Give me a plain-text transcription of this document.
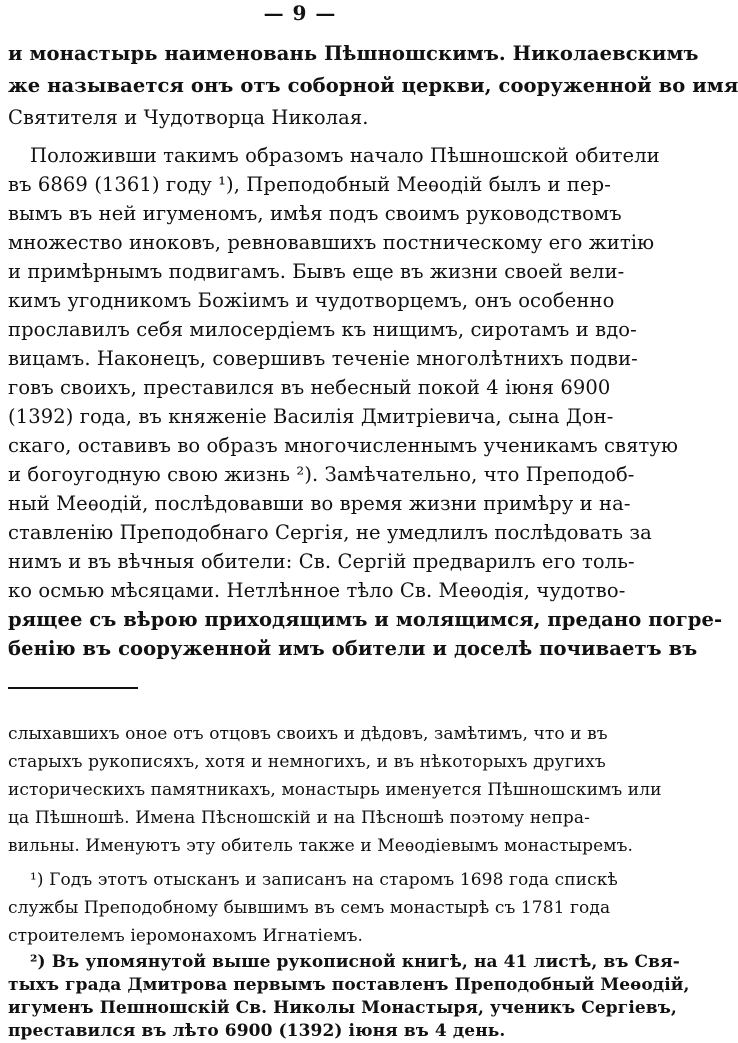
— 9 —
и монастырь наименовань Пѣшношскимъ. Николаевскимъ
же называется онъ отъ соборной церкви, сооруженной во имя
Святителя и Чудотворца Николая.
Положивши такимъ образомъ начало Пѣшношской обители
въ 6869 (1361) году ¹), Преподобный Меѳодій былъ и пер-
вымъ въ ней игуменомъ, имѣя подъ своимъ руководствомъ
множество иноковъ, ревновавшихъ постническому его житію
и примѣрнымъ подвигамъ. Бывъ еще въ жизни своей вели-
кимъ угодникомъ Божіимъ и чудотворцемъ, онъ особенно
прославилъ себя милосердіемъ къ нищимъ, сиротамъ и вдо-
вицамъ. Наконецъ, совершивъ теченіе многолѣтнихъ подви-
говъ своихъ, преставился въ небесный покой 4 іюня 6900
(1392) года, въ княженіе Василія Дмитріевича, сына Дон-
скаго, оставивъ во образъ многочисленнымъ ученикамъ святую
и богоугодную свою жизнь ²). Замѣчательно, что Преподоб-
ный Меѳодій, послѣдовавши во время жизни примѣру и на-
ставленію Преподобнаго Сергія, не умедлилъ послѣдовать за
нимъ и въ вѣчныя обители: Св. Сергій предварилъ его толь-
ко осмью мѣсяцами. Нетлѣнное тѣло Св. Меѳодія, чудотво-
рящее съ вѣрою приходящимъ и молящимся, предано погре-
бенію въ сооруженной имъ обители и доселѣ почиваетъ въ
слыхавшихъ оное отъ отцовъ своихъ и дѣдовъ, замѣтимъ, что и въ
старыхъ рукописяхъ, хотя и немногихъ, и въ нѣкоторыхъ другихъ
историческихъ памятникахъ, монастырь именуется Пѣшношскимъ или
ца Пѣшношѣ. Имена Пѣсношскій и на Пѣсношѣ поэтому непра-
вильны. Именуютъ эту обитель также и Меѳодіевымъ монастыремъ.
¹) Годъ этотъ отысканъ и записанъ на старомъ 1698 года спискѣ
службы Преподобному бывшимъ въ семъ монастырѣ съ 1781 года
строителемъ іеромонахомъ Игнатіемъ.
²) Въ упомянутой выше рукописной книгѣ, на 41 листѣ, въ Свя-
тыхъ града Дмитрова первымъ поставленъ Преподобный Меѳодій,
игуменъ Пешношскій Св. Николы Монастыря, ученикъ Сергіевъ,
преставился въ лѣто 6900 (1392) іюня въ 4 день.
